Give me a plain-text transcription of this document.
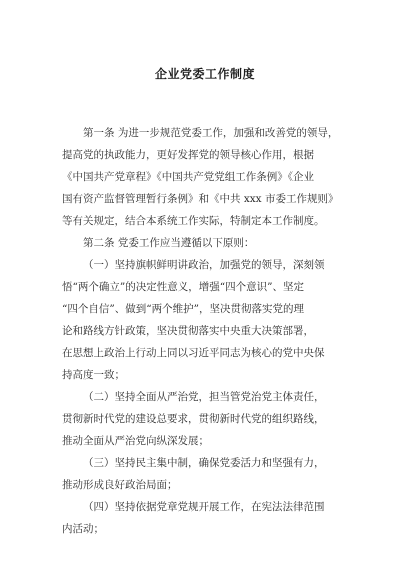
企业党委工作制度
第一条 为进一步规范党委工作，加强和改善党的领导，
提高党的执政能力，更好发挥党的领导核心作用，根据
《中国共产党章程》《中国共产党党组工作条例》《企业
国有资产监督管理暂行条例》和《中共 xxx 市委工作规则》
等有关规定，结合本系统工作实际，特制定本工作制度。
第二条 党委工作应当遵循以下原则：
（一）坚持旗帜鲜明讲政治，加强党的领导，深刻领
悟“两个确立”的决定性意义，增强“四个意识”、坚定
“四个自信”、做到“两个维护”，坚决贯彻落实党的理
论和路线方针政策，坚决贯彻落实中央重大决策部署，
在思想上政治上行动上同以习近平同志为核心的党中央保
持高度一致；
（二）坚持全面从严治党，担当管党治党主体责任，
贯彻新时代党的建设总要求，贯彻新时代党的组织路线，
推动全面从严治党向纵深发展；
（三）坚持民主集中制，确保党委活力和坚强有力，
推动形成良好政治局面；
（四）坚持依据党章党规开展工作，在宪法法律范围
内活动；
